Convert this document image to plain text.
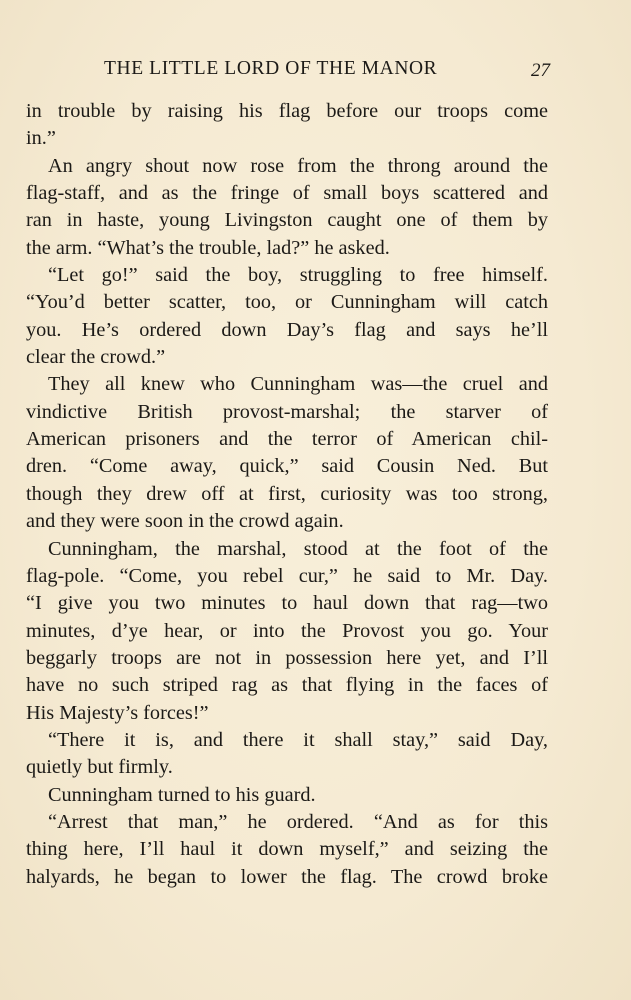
THE LITTLE LORD OF THE MANOR	27
in trouble by raising his flag before our troops come
in.”
An angry shout now rose from the throng around the
flag-staff, and as the fringe of small boys scattered and
ran in haste, young Livingston caught one of them by
the arm. “What’s the trouble, lad?” he asked.
“Let go!” said the boy, struggling to free himself.
“You’d better scatter, too, or Cunningham will catch
you. He’s ordered down Day’s flag and says he’ll
clear the crowd.”
They all knew who Cunningham was—the cruel and
vindictive British provost-marshal; the starver of
American prisoners and the terror of American chil-
dren. “Come away, quick,” said Cousin Ned. But
though they drew off at first, curiosity was too strong,
and they were soon in the crowd again.
Cunningham, the marshal, stood at the foot of the
flag-pole. “Come, you rebel cur,” he said to Mr. Day.
“I give you two minutes to haul down that rag—two
minutes, d’ye hear, or into the Provost you go. Your
beggarly troops are not in possession here yet, and I’ll
have no such striped rag as that flying in the faces of
His Majesty’s forces!”
“There it is, and there it shall stay,” said Day,
quietly but firmly.
Cunningham turned to his guard.
“Arrest that man,” he ordered. “And as for this
thing here, I’ll haul it down myself,” and seizing the
halyards, he began to lower the flag. The crowd broke
